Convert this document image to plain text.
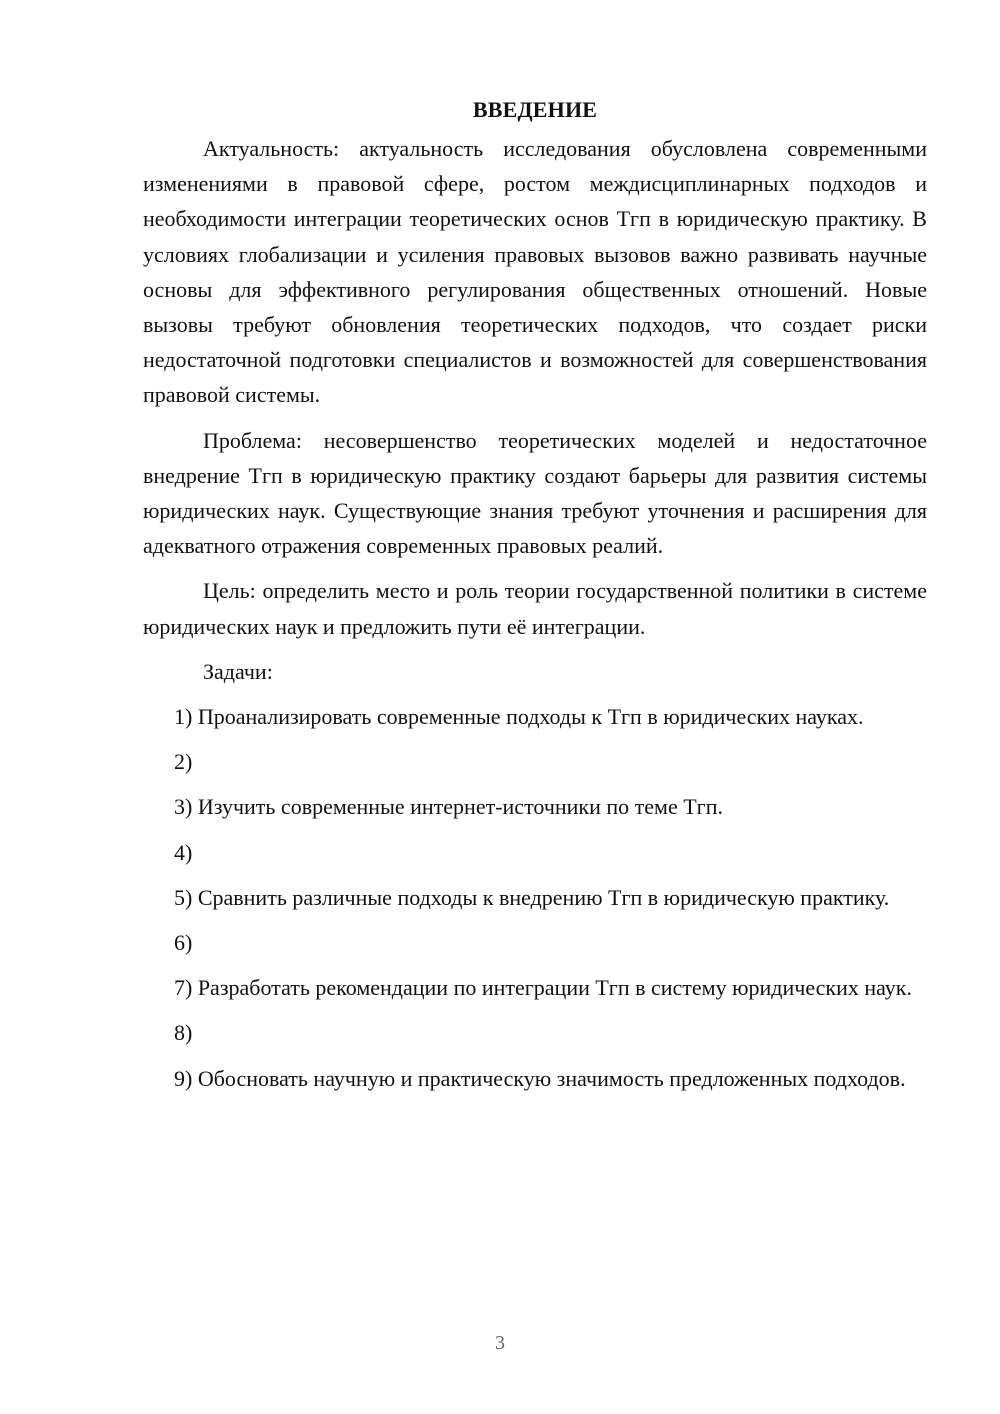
ВВЕДЕНИЕ

Актуальность: актуальность исследования обусловлена современными изменениями в правовой сфере, ростом междисциплинарных подходов и необходимости интеграции теоретических основ Тгп в юридическую практику. В условиях глобализации и усиления правовых вызовов важно развивать научные основы для эффективного регулирования общественных отношений. Новые вызовы требуют обновления теоретических подходов, что создает риски недостаточной подготовки специалистов и возможностей для совершенствования правовой системы.

Проблема: несовершенство теоретических моделей и недостаточное внедрение Тгп в юридическую практику создают барьеры для развития системы юридических наук. Существующие знания требуют уточнения и расширения для адекватного отражения современных правовых реалий.

Цель: определить место и роль теории государственной политики в системе юридических наук и предложить пути её интеграции.

Задачи:

1) Проанализировать современные подходы к Тгп в юридических науках.

2)

3) Изучить современные интернет-источники по теме Тгп.

4)

5) Сравнить различные подходы к внедрению Тгп в юридическую практику.

6)

7) Разработать рекомендации по интеграции Тгп в систему юридических наук.

8)

9) Обосновать научную и практическую значимость предложенных подходов.

3
